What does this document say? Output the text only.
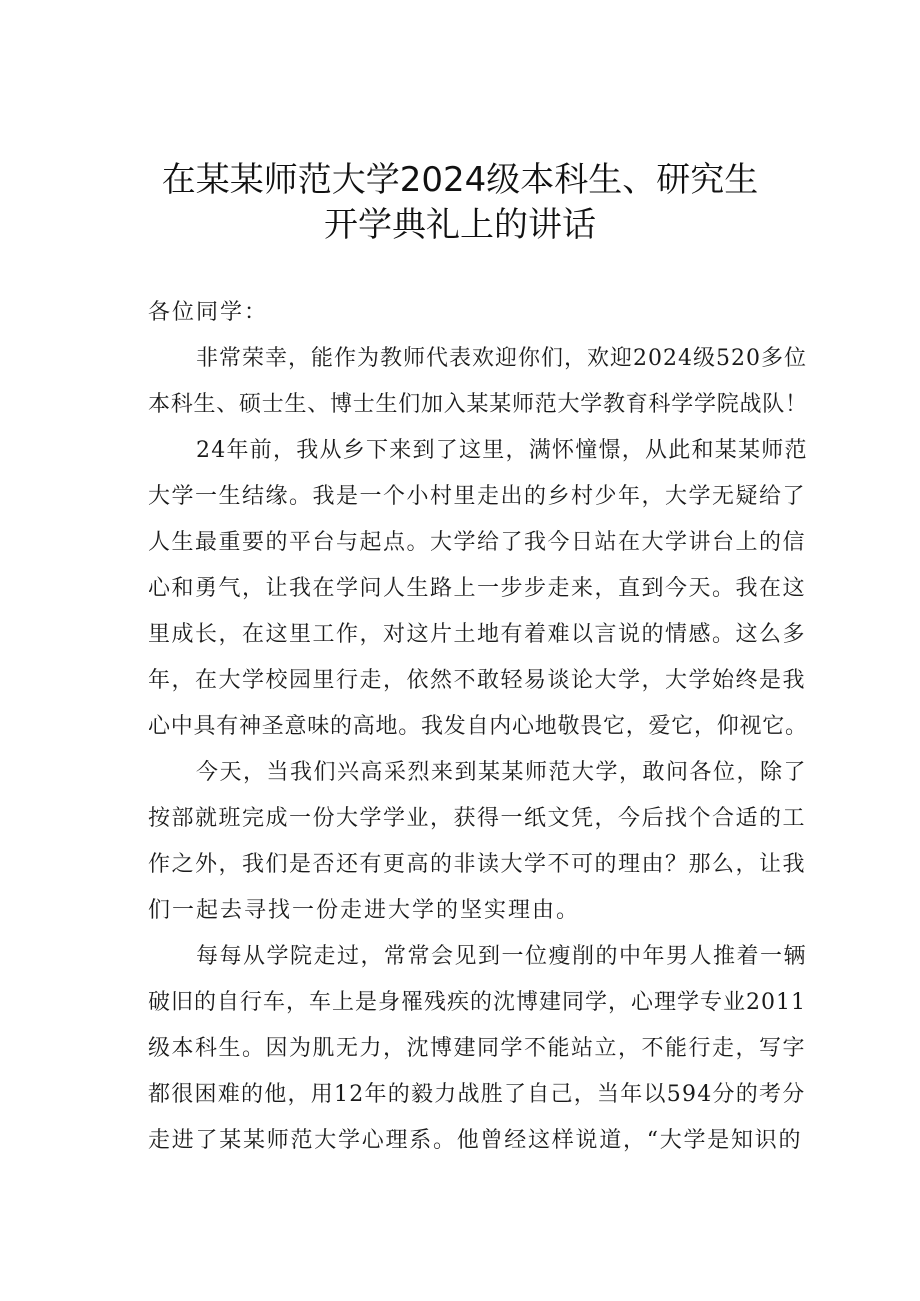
在某某师范大学2024级本科生、研究生
开学典礼上的讲话
各位同学：
非常荣幸，能作为教师代表欢迎你们，欢迎2024级520多位
本科生、硕士生、博士生们加入某某师范大学教育科学学院战队！
24年前，我从乡下来到了这里，满怀憧憬，从此和某某师范
大学一生结缘。我是一个小村里走出的乡村少年，大学无疑给了
人生最重要的平台与起点。大学给了我今日站在大学讲台上的信
心和勇气，让我在学问人生路上一步步走来，直到今天。我在这
里成长，在这里工作，对这片土地有着难以言说的情感。这么多
年，在大学校园里行走，依然不敢轻易谈论大学，大学始终是我
心中具有神圣意味的高地。我发自内心地敬畏它，爱它，仰视它。
今天，当我们兴高采烈来到某某师范大学，敢问各位，除了
按部就班完成一份大学学业，获得一纸文凭，今后找个合适的工
作之外，我们是否还有更高的非读大学不可的理由？那么，让我
们一起去寻找一份走进大学的坚实理由。
每每从学院走过，常常会见到一位瘦削的中年男人推着一辆
破旧的自行车，车上是身罹残疾的沈博建同学，心理学专业2011
级本科生。因为肌无力，沈博建同学不能站立，不能行走，写字
都很困难的他，用12年的毅力战胜了自己，当年以594分的考分
走进了某某师范大学心理系。他曾经这样说道，“大学是知识的
